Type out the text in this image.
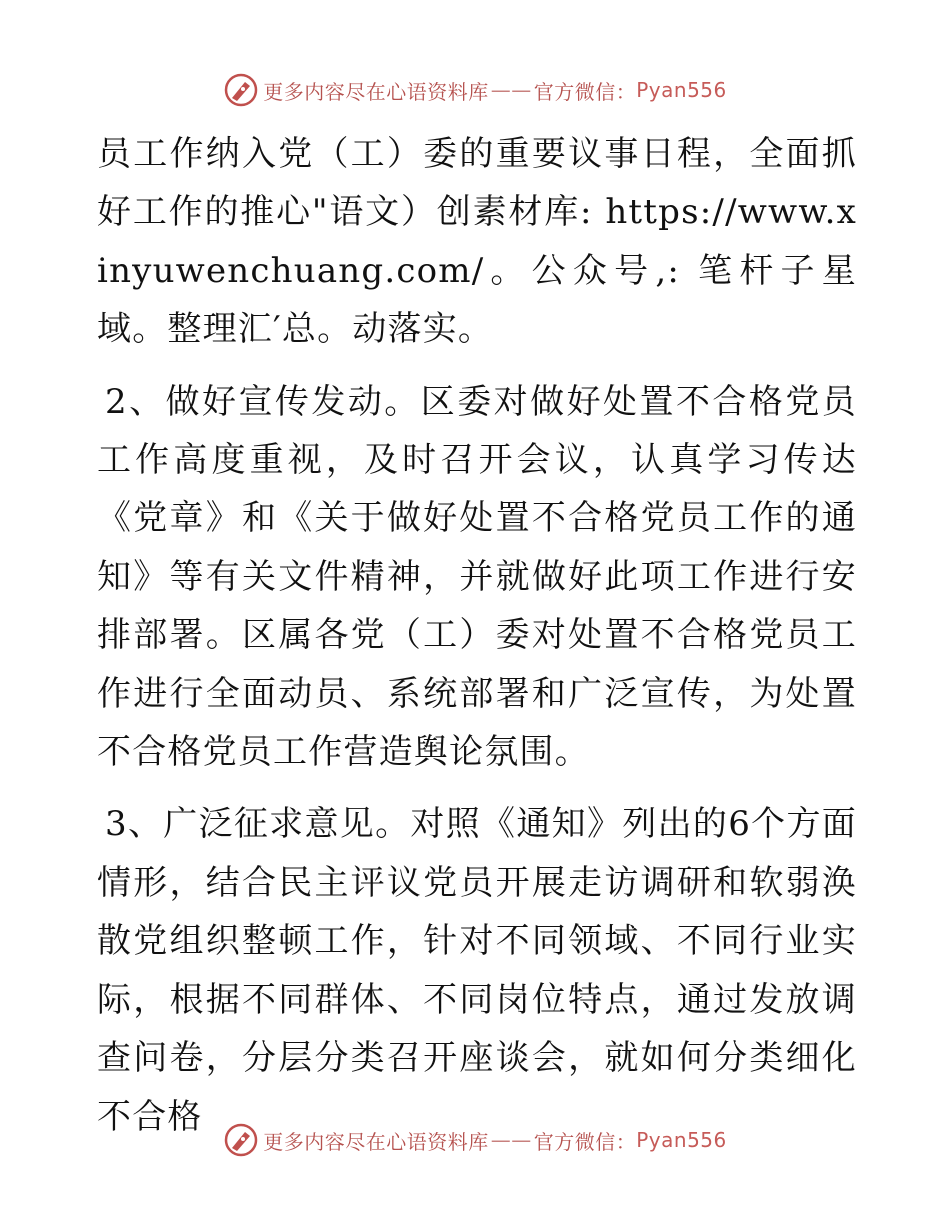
更多内容尽在心语资料库 —— 官方微信： Pyan556

员工作纳入党（工）委的重要议事日程，全面抓好工作的推心"语文）创素材库: https://www.xinyuwenchuang.com/。公众号,: 笔杆子星域。整理汇′总。动落实。

2、做好宣传发动。区委对做好处置不合格党员工作高度重视，及时召开会议，认真学习传达《党章》和《关于做好处置不合格党员工作的通知》等有关文件精神，并就做好此项工作进行安排部署。区属各党（工）委对处置不合格党员工作进行全面动员、系统部署和广泛宣传，为处置不合格党员工作营造舆论氛围。

3、广泛征求意见。对照《通知》列出的6个方面情形，结合民主评议党员开展走访调研和软弱涣散党组织整顿工作，针对不同领域、不同行业实际，根据不同群体、不同岗位特点，通过发放调查问卷，分层分类召开座谈会，就如何分类细化不合格

更多内容尽在心语资料库 —— 官方微信： Pyan556
